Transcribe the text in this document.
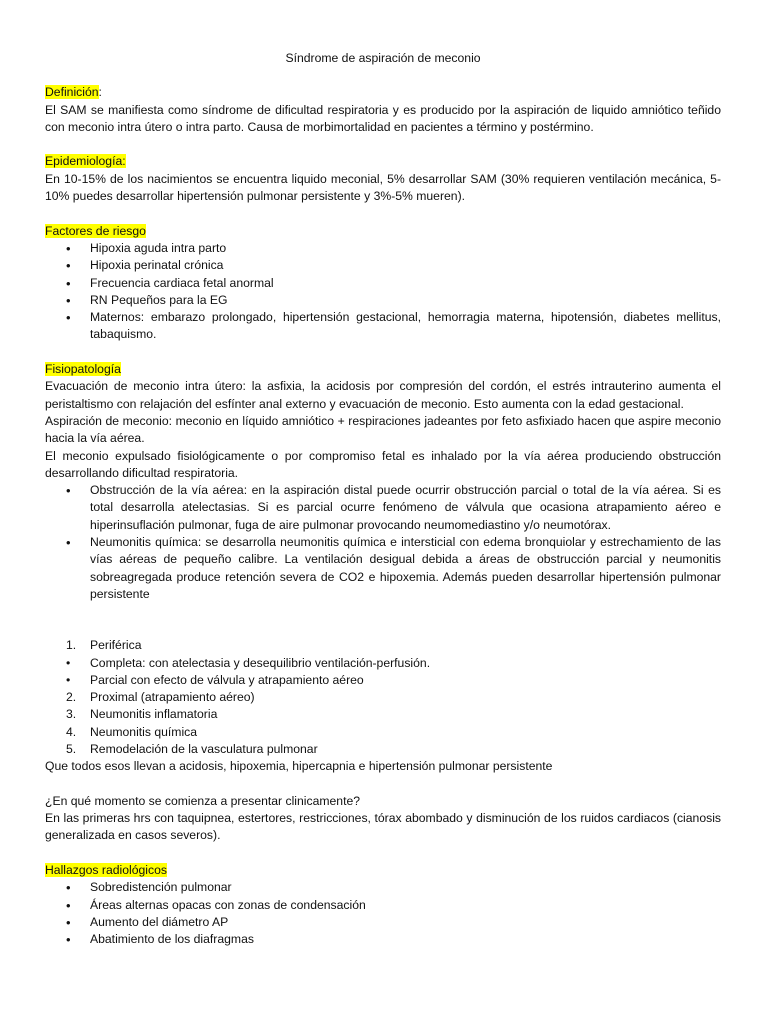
Síndrome de aspiración de meconio
Definición:

El SAM se manifiesta como síndrome de dificultad respiratoria y es producido por la aspiración de liquido amniótico teñido con meconio intra útero o intra parto. Causa de morbimortalidad en pacientes a término y postérmino.

Epidemiología:

En 10-15% de los nacimientos se encuentra liquido meconial, 5% desarrollar SAM (30% requieren ventilación mecánica, 5-10% puedes desarrollar hipertensión pulmonar persistente y 3%-5% mueren).

Factores de riesgo
• Hipoxia aguda intra parto
• Hipoxia perinatal crónica
• Frecuencia cardiaca fetal anormal
• RN Pequeños para la EG
• Maternos: embarazo prolongado, hipertensión gestacional, hemorragia materna, hipotensión, diabetes mellitus, tabaquismo.
Fisiopatología

Evacuación de meconio intra útero: la asfixia, la acidosis por compresión del cordón, el estrés intrauterino aumenta el peristaltismo con relajación del esfínter anal externo y evacuación de meconio. Esto aumenta con la edad gestacional.

Aspiración de meconio: meconio en líquido amniótico + respiraciones jadeantes por feto asfixiado hacen que aspire meconio hacia la vía aérea.

El meconio expulsado fisiológicamente o por compromiso fetal es inhalado por la vía aérea produciendo obstrucción desarrollando dificultad respiratoria.

• Obstrucción de la vía aérea: en la aspiración distal puede ocurrir obstrucción parcial o total de la vía aérea. Si es total desarrolla atelectasias. Si es parcial ocurre fenómeno de válvula que ocasiona atrapamiento aéreo e hiperinsuflación pulmonar, fuga de aire pulmonar provocando neumomediastino y/o neumotórax.
• Neumonitis química: se desarrolla neumonitis química e intersticial con edema bronquiolar y estrechamiento de las vías aéreas de pequeño calibre. La ventilación desigual debida a áreas de obstrucción parcial y neumonitis sobreagregada produce retención severa de CO2 e hipoxemia. Además pueden desarrollar hipertensión pulmonar persistente
1. Periférica
• Completa: con atelectasia y desequilibrio ventilación-perfusión.
• Parcial con efecto de válvula y atrapamiento aéreo
2. Proximal (atrapamiento aéreo)
3. Neumonitis inflamatoria
4. Neumonitis química
5. Remodelación de la vasculatura pulmonar

Que todos esos llevan a acidosis, hipoxemia, hipercapnia e hipertensión pulmonar persistente

¿En qué momento se comienza a presentar clinicamente?

En las primeras hrs con taquipnea, estertores, restricciones, tórax abombado y disminución de los ruidos cardiacos (cianosis generalizada en casos severos).

Hallazgos radiológicos
• Sobredistención pulmonar
• Áreas alternas opacas con zonas de condensación
• Aumento del diámetro AP
• Abatimiento de los diafragmas
